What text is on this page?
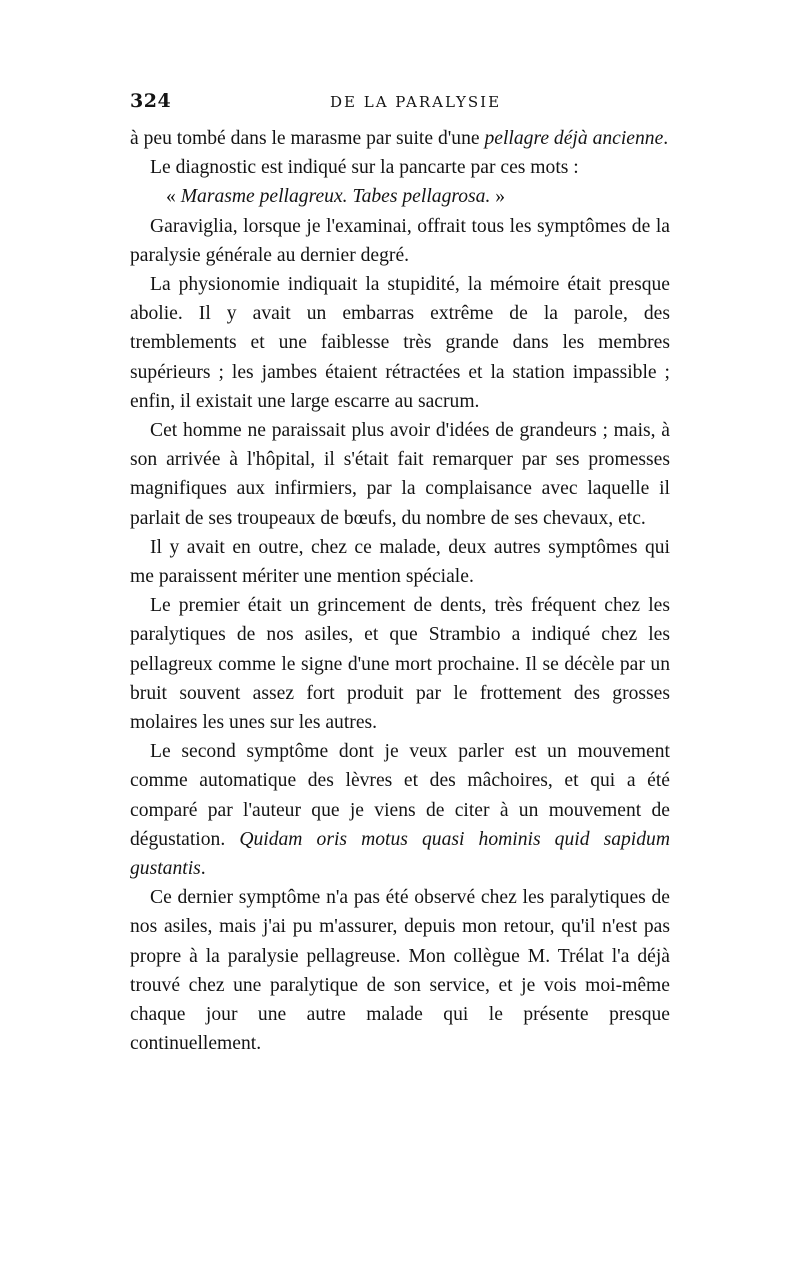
324	DE LA PARALYSIE

à peu tombé dans le marasme par suite d'une pellagre déjà ancienne.

Le diagnostic est indiqué sur la pancarte par ces mots :

« Marasme pellagreux. Tabes pellagrosa. »

Garaviglia, lorsque je l'examinai, offrait tous les symptômes de la paralysie générale au dernier degré.

La physionomie indiquait la stupidité, la mémoire était presque abolie. Il y avait un embarras extrême de la parole, des tremblements et une faiblesse très grande dans les membres supérieurs ; les jambes étaient rétractées et la station impassible ; enfin, il existait une large escarre au sacrum.

Cet homme ne paraissait plus avoir d'idées de grandeurs ; mais, à son arrivée à l'hôpital, il s'était fait remarquer par ses promesses magnifiques aux infirmiers, par la complaisance avec laquelle il parlait de ses troupeaux de bœufs, du nombre de ses chevaux, etc.

Il y avait en outre, chez ce malade, deux autres symptômes qui me paraissent mériter une mention spéciale.

Le premier était un grincement de dents, très fréquent chez les paralytiques de nos asiles, et que Strambio a indiqué chez les pellagreux comme le signe d'une mort prochaine. Il se décèle par un bruit souvent assez fort produit par le frottement des grosses molaires les unes sur les autres.

Le second symptôme dont je veux parler est un mouvement comme automatique des lèvres et des mâchoires, et qui a été comparé par l'auteur que je viens de citer à un mouvement de dégustation. Quidam oris motus quasi hominis quid sapidum gustantis.

Ce dernier symptôme n'a pas été observé chez les paralytiques de nos asiles, mais j'ai pu m'assurer, depuis mon retour, qu'il n'est pas propre à la paralysie pellagreuse. Mon collègue M. Trélat l'a déjà trouvé chez une paralytique de son service, et je vois moi-même chaque jour une autre malade qui le présente presque continuellement.
